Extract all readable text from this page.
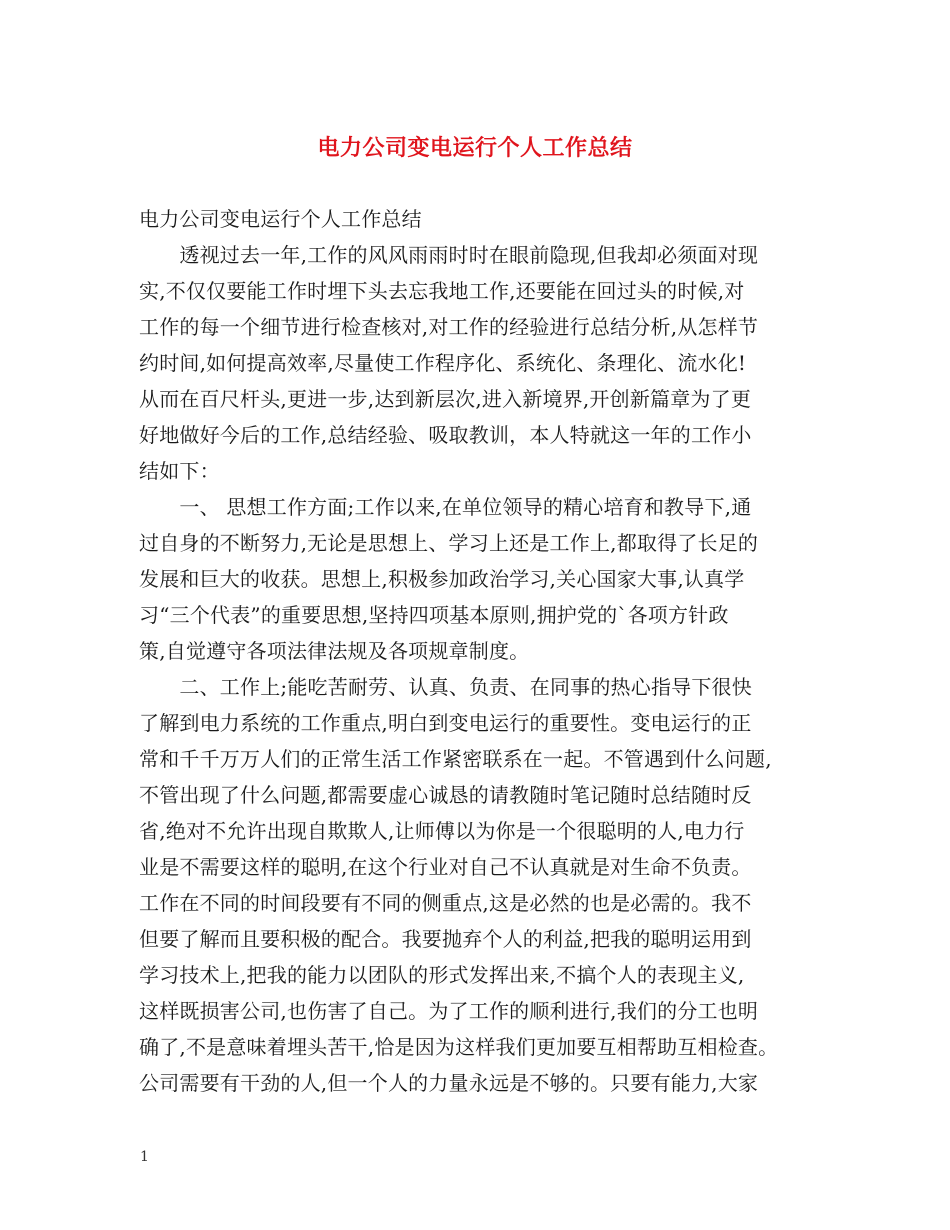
电力公司变电运行个人工作总结
电力公司变电运行个人工作总结
　　透视过去一年,工作的风风雨雨时时在眼前隐现,但我却必须面对现
实,不仅仅要能工作时埋下头去忘我地工作,还要能在回过头的时候,对
工作的每一个细节进行检查核对,对工作的经验进行总结分析,从怎样节
约时间,如何提高效率,尽量使工作程序化、系统化、条理化、流水化!
从而在百尺杆头,更进一步,达到新层次,进入新境界,开创新篇章为了更
好地做好今后的工作,总结经验、吸取教训，本人特就这一年的工作小
结如下：
　　一、 思想工作方面;工作以来,在单位领导的精心培育和教导下,通
过自身的不断努力,无论是思想上、学习上还是工作上,都取得了长足的
发展和巨大的收获。思想上,积极参加政治学习,关心国家大事,认真学
习“三个代表”的重要思想,坚持四项基本原则,拥护党的`各项方针政
策,自觉遵守各项法律法规及各项规章制度。
　　二、工作上;能吃苦耐劳、认真、负责、在同事的热心指导下很快
了解到电力系统的工作重点,明白到变电运行的重要性。变电运行的正
常和千千万万人们的正常生活工作紧密联系在一起。不管遇到什么问题,
不管出现了什么问题,都需要虚心诚恳的请教随时笔记随时总结随时反
省,绝对不允许出现自欺欺人,让师傅以为你是一个很聪明的人,电力行
业是不需要这样的聪明,在这个行业对自己不认真就是对生命不负责。
工作在不同的时间段要有不同的侧重点,这是必然的也是必需的。我不
但要了解而且要积极的配合。我要抛弃个人的利益,把我的聪明运用到
学习技术上,把我的能力以团队的形式发挥出来,不搞个人的表现主义,
这样既损害公司,也伤害了自己。为了工作的顺利进行,我们的分工也明
确了,不是意味着埋头苦干,恰是因为这样我们更加要互相帮助互相检查。
公司需要有干劲的人,但一个人的力量永远是不够的。只要有能力,大家
1
